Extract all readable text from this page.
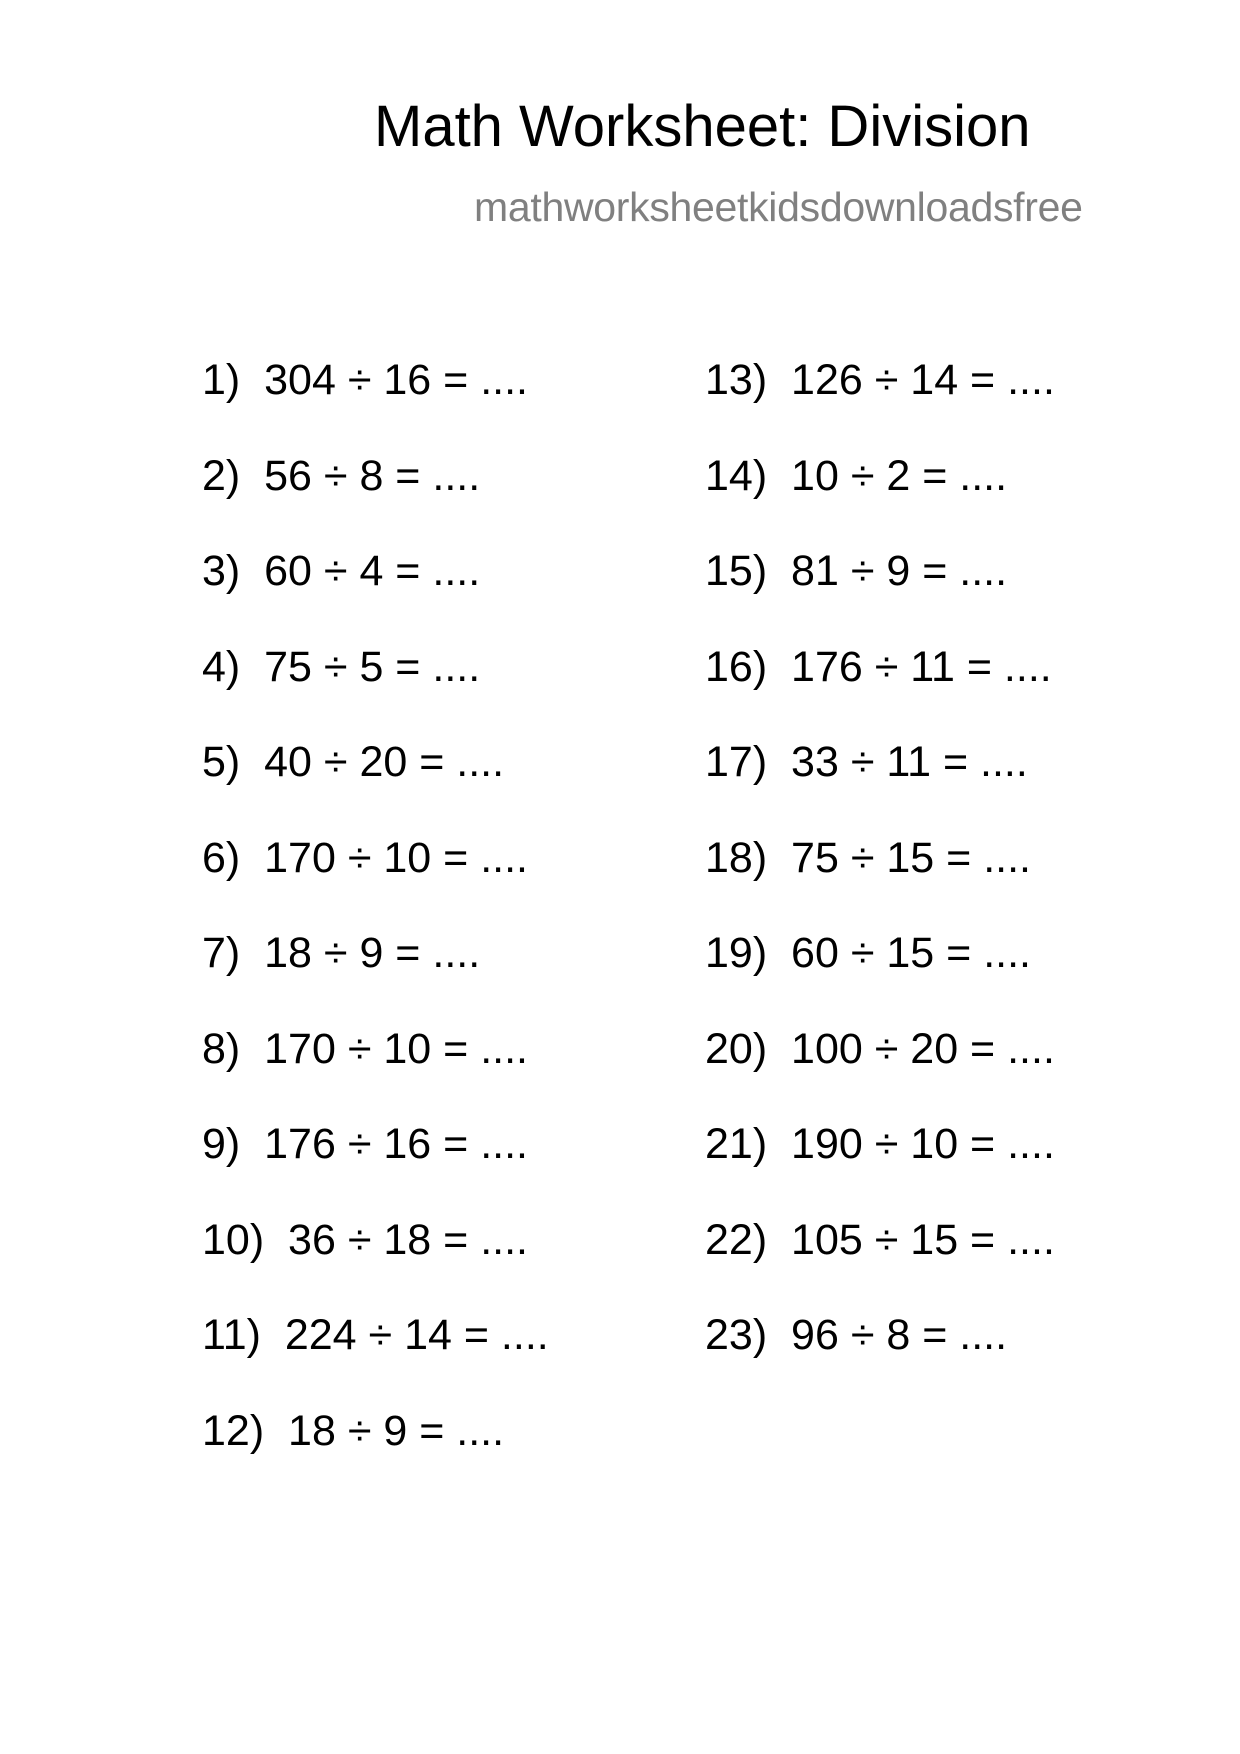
Math Worksheet: Division
mathworksheetkidsdownloadsfree
1)  304 ÷ 16 = ....
2)  56 ÷ 8 = ....
3)  60 ÷ 4 = ....
4)  75 ÷ 5 = ....
5)  40 ÷ 20 = ....
6)  170 ÷ 10 = ....
7)  18 ÷ 9 = ....
8)  170 ÷ 10 = ....
9)  176 ÷ 16 = ....
10)  36 ÷ 18 = ....
11)  224 ÷ 14 = ....
12)  18 ÷ 9 = ....
13)  126 ÷ 14 = ....
14)  10 ÷ 2 = ....
15)  81 ÷ 9 = ....
16)  176 ÷ 11 = ....
17)  33 ÷ 11 = ....
18)  75 ÷ 15 = ....
19)  60 ÷ 15 = ....
20)  100 ÷ 20 = ....
21)  190 ÷ 10 = ....
22)  105 ÷ 15 = ....
23)  96 ÷ 8 = ....
